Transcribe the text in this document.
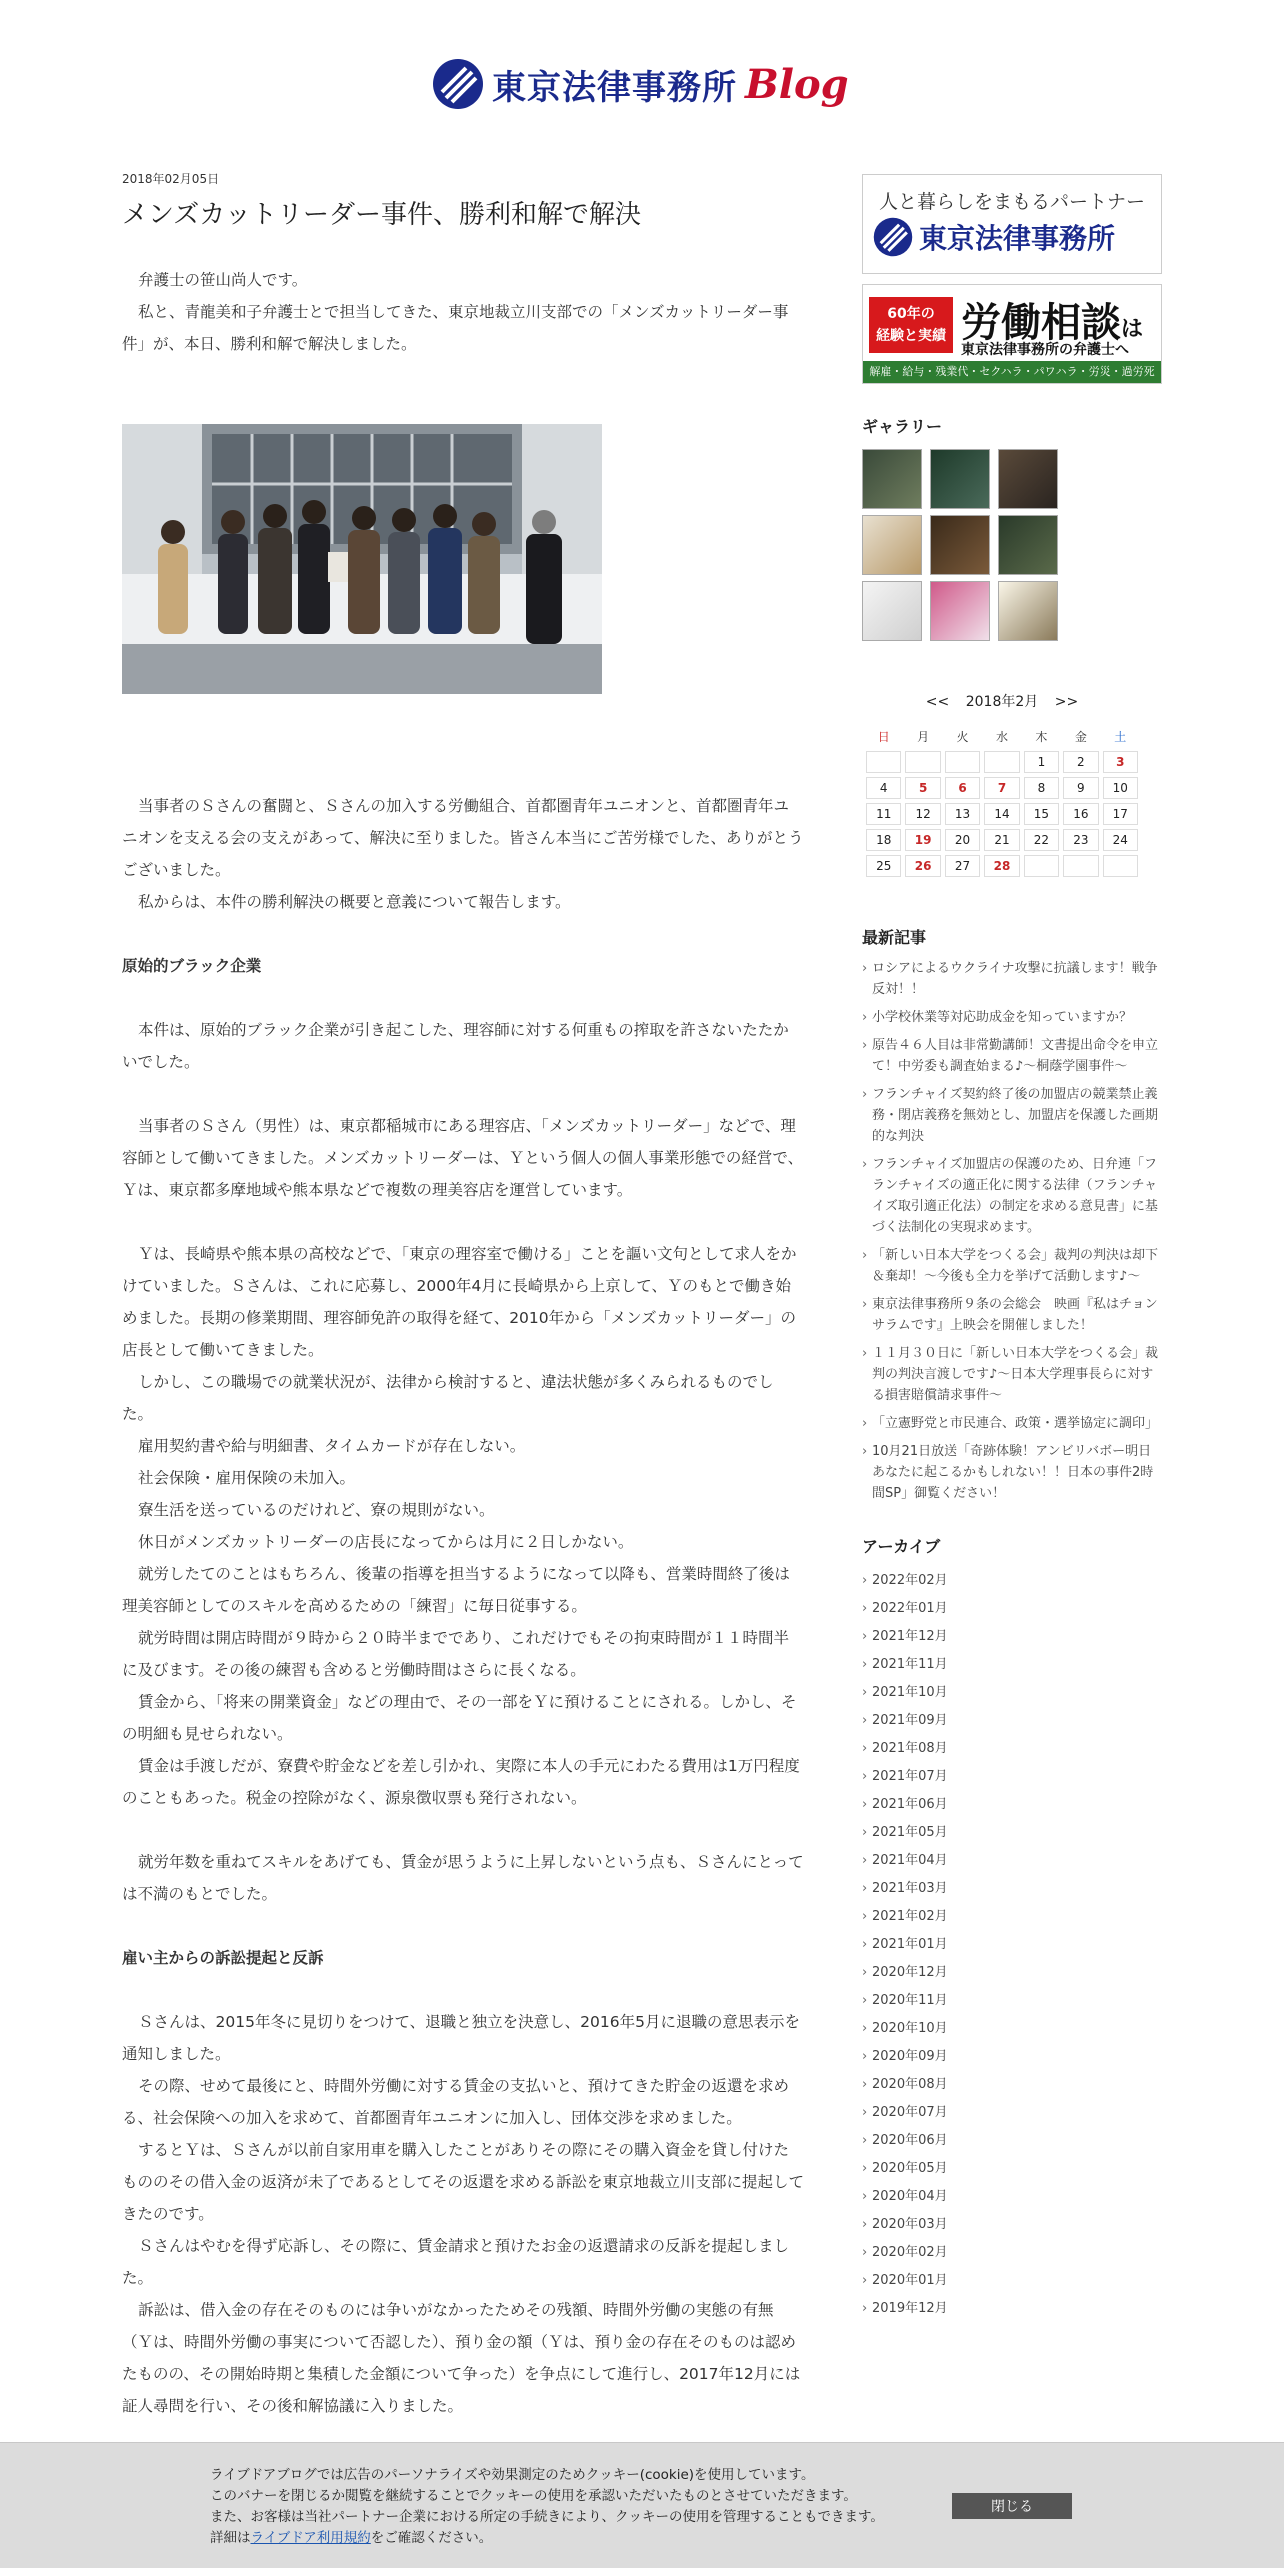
東京法律事務所 Blog
2018年02月05日
メンズカットリーダー事件、勝利和解で解決

弁護士の笹山尚人です。

私と、青龍美和子弁護士とで担当してきた、東京地裁立川支部での「メンズカットリーダー事件」が、本日、勝利和解で解決しました。

当事者のＳさんの奮闘と、Ｓさんの加入する労働組合、首都圏青年ユニオンと、首都圏青年ユニオンを支える会の支えがあって、解決に至りました。皆さん本当にご苦労様でした、ありがとうございました。

私からは、本件の勝利解決の概要と意義について報告します。

原始的ブラック企業

本件は、原始的ブラック企業が引き起こした、理容師に対する何重もの搾取を許さないたたかいでした。

当事者のＳさん（男性）は、東京都稲城市にある理容店、「メンズカットリーダー」などで、理容師として働いてきました。メンズカットリーダーは、Ｙという個人の個人事業形態での経営で、Ｙは、東京都多摩地域や熊本県などで複数の理美容店を運営しています。

Ｙは、長崎県や熊本県の高校などで、「東京の理容室で働ける」ことを謳い文句として求人をかけていました。Ｓさんは、これに応募し、2000年4月に長崎県から上京して、Ｙのもとで働き始めました。長期の修業期間、理容師免許の取得を経て、2010年から「メンズカットリーダー」の店長として働いてきました。

しかし、この職場での就業状況が、法律から検討すると、違法状態が多くみられるものでした。

雇用契約書や給与明細書、タイムカードが存在しない。

社会保険・雇用保険の未加入。

寮生活を送っているのだけれど、寮の規則がない。

休日がメンズカットリーダーの店長になってからは月に２日しかない。

就労したてのことはもちろん、後輩の指導を担当するようになって以降も、営業時間終了後は理美容師としてのスキルを高めるための「練習」に毎日従事する。

就労時間は開店時間が９時から２０時半までであり、これだけでもその拘束時間が１１時間半に及びます。その後の練習も含めると労働時間はさらに長くなる。

賃金から、「将来の開業資金」などの理由で、その一部をＹに預けることにされる。しかし、その明細も見せられない。

賃金は手渡しだが、寮費や貯金などを差し引かれ、実際に本人の手元にわたる費用は1万円程度のこともあった。税金の控除がなく、源泉徴収票も発行されない。

就労年数を重ねてスキルをあげても、賃金が思うように上昇しないという点も、Ｓさんにとっては不満のもとでした。

雇い主からの訴訟提起と反訴

Ｓさんは、2015年冬に見切りをつけて、退職と独立を決意し、2016年5月に退職の意思表示を通知しました。

その際、せめて最後にと、時間外労働に対する賃金の支払いと、預けてきた貯金の返還を求める、社会保険への加入を求めて、首都圏青年ユニオンに加入し、団体交渉を求めました。

するとＹは、Ｓさんが以前自家用車を購入したことがありその際にその購入資金を貸し付けたもののその借入金の返済が未了であるとしてその返還を求める訴訟を東京地裁立川支部に提起してきたのです。

Ｓさんはやむを得ず応訴し、その際に、賃金請求と預けたお金の返還請求の反訴を提起しました。

訴訟は、借入金の存在そのものには争いがなかったためその残額、時間外労働の実態の有無（Ｙは、時間外労働の事実について否認した）、預り金の額（Ｙは、預り金の存在そのものは認めたものの、その開始時期と集積した金額について争った）を争点にして進行し、2017年12月には証人尋問を行い、その後和解協議に入りました。

人と暮らしをまもるパートナー
東京法律事務所
60年の
経験と実績 労働相談は
東京法律事務所の弁護士へ
解雇・給与・残業代・セクハラ・パワハラ・労災・過労死
ギャラリー
<< 2018年2月 >>
日	月	火	水	木	金	土
				1	2	3
4	5	6	7	8	9	10
11	12	13	14	15	16	17
18	19	20	21	22	23	24
25	26	27	28			
最新記事
› ロシアによるウクライナ攻撃に抗議します！戦争反対！！
› 小学校休業等対応助成金を知っていますか？
› 原告４６人目は非常勤講師！文書提出命令を申立て！中労委も調査始まる♪～桐蔭学園事件～
› フランチャイズ契約終了後の加盟店の競業禁止義務・閉店義務を無効とし、加盟店を保護した画期的な判決
› フランチャイズ加盟店の保護のため、日弁連「フランチャイズの適正化に関する法律（フランチャイズ取引適正化法）の制定を求める意見書」に基づく法制化の実現求めます。
› 「新しい日本大学をつくる会」裁判の判決は却下＆棄却！～今後も全力を挙げて活動します♪～
› 東京法律事務所９条の会総会　映画『私はチョンサラムです』上映会を開催しました！
› １１月３０日に「新しい日本大学をつくる会」裁判の判決言渡しです♪～日本大学理事長らに対する損害賠償請求事件～
› 「立憲野党と市民連合、政策・選挙協定に調印」
› 10月21日放送「奇跡体験！アンビリバボー明日あなたに起こるかもしれない！！日本の事件2時間SP」御覧ください！
アーカイブ
› 2022年02月
› 2022年01月
› 2021年12月
› 2021年11月
› 2021年10月
› 2021年09月
› 2021年08月
› 2021年07月
› 2021年06月
› 2021年05月
› 2021年04月
› 2021年03月
› 2021年02月
› 2021年01月
› 2020年12月
› 2020年11月
› 2020年10月
› 2020年09月
› 2020年08月
› 2020年07月
› 2020年06月
› 2020年05月
› 2020年04月
› 2020年03月
› 2020年02月
› 2020年01月
› 2019年12月
ライブドアブログでは広告のパーソナライズや効果測定のためクッキー(cookie)を使用しています。
このバナーを閉じるか閲覧を継続することでクッキーの使用を承認いただいたものとさせていただきます。
また、お客様は当社パートナー企業における所定の手続きにより、クッキーの使用を管理することもできます。
詳細はライブドア利用規約をご確認ください。
閉じる
